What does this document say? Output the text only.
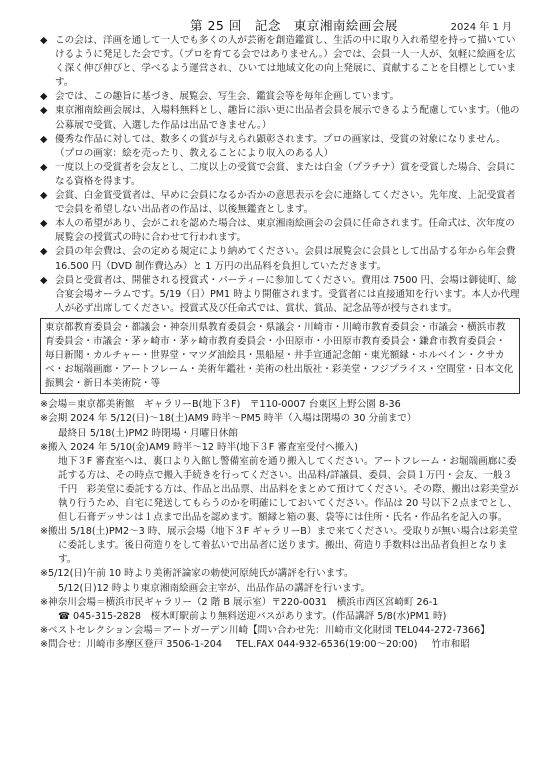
第 25 回　記念　東京湘南絵画会展	2024 年 1 月
◆ この会は、洋画を通して一人でも多くの人が芸術を創造鑑賞し、生活の中に取り入れ希望を持って描いていけるように発足した会です。（プロを育てる会ではありません。）会では、会員一人一人が、気軽に絵画を広く深く伸び伸びと、学べるよう運営され、ひいては地域文化の向上発展に、貢献することを目標としています。
◆ 会では、この趣旨に基づき、展覧会、写生会、鑑賞会等を毎年企画しています。
◆ 東京湘南絵画会展は、入場料無料とし、趣旨に添い更に出品者会員を展示できるよう配慮しています。（他の公募展で受賞、入選した作品は出品できません。）
◆ 優秀な作品に対しては、数多くの賞が与えられ顕彰されます。プロの画家は、受賞の対象になりません。（プロの画家：絵を売ったり、教えることにより収入のある人）
◆ 一度以上の受賞者を会友とし、二度以上の受賞で会賞、または白金（プラチナ）賞を受賞した場合、会員になる資格を得ます。
◆ 会賞、白金賞受賞者は、早めに会員になるか否かの意思表示を会に連絡してください。先年度、上記受賞者で会員を希望しない出品者の作品は、以後無鑑査とします。
◆ 本人の希望があり、会がこれを認めた場合は、東京湘南絵画会の会員に任命されます。任命式は、次年度の展覧会の授賞式の時に合わせて行われます。
◆ 会員の年会費は、会の定める規定により納めてください。会員は展覧会に会員として出品する年から年会費 16.500 円（DVD 制作費込み）と 1 万円の出品料を負担していただきます。
◆ 会員と受賞者は、開催される授賞式・パーティーに参加してください。費用は 7500 円、会場は御徒町、総合宴会場オーラムです。5/19（日）PM1 時より開催されます。受賞者には直接通知を行います。本人か代理人が必ず出席してください。授賞式及び任命式では、賞状、賞品、記念品等が授与されます。
東京都教育委員会・都議会・神奈川県教育委員会・県議会・川崎市・川崎市教育委員会・市議会・横浜市教育委員会・市議会・茅ヶ崎市・茅ヶ崎市教育委員会・小田原市・小田原市教育委員会・鎌倉市教育委員会・毎日新聞・カルチャー・世界堂・マツダ油絵具・黒船屋・井手宣通記念館・東光額縁・ホルベイン・クサカベ・お堀端画廊・アートフレーム・美術年鑑社・美術の杜出版社・彩美堂・フジプライス・空間堂・日本文化振興会・新日本美術院・等
※会場＝東京都美術館　ギャラリーB(地下３F)　〒110-0007 台東区上野公園 8-36
※会期 2024 年 5/12(日)～18(土)AM9 時半～PM5 時半（入場は閉場の 30 分前まで）
最終日 5/18(土)PM2 時閉場・月曜日休館
※搬入 2024 年 5/10(金)AM9 時半～12 時半(地下３F 審査室受付へ搬入)
地下３F 審査室へは、裏口より入館し警備室前を通り搬入してください。アートフレーム・お堀端画廊に委託する方は、その時点で搬入手続きを行ってください。出品料/詳議員、委員、会員１万円・会友、一般３千円　彩美堂に委託する方は、作品と出品票、出品料をまとめて預けてください。その際、搬出は彩美堂が執り行うため、自宅に発送してもらうのかを明確にしておいてください。作品は 20 号以下２点までとし、但し石膏デッサンは１点まで出品を認めます。額縁と箱の裏、袋等には住所・氏名・作品名を記入の事。
※搬出 5/18(土)PM2～3 時、展示会場（地下３F ギャラリーB）まで来てください。受取りが無い場合は彩美堂に委託します。後日荷造りをして着払いで出品者に送ります。搬出、荷造り手数料は出品者負担となります。
※5/12(日)午前 10 時より美術評論家の勅使河原純氏が講評を行います。
5/12(日)12 時より東京湘南絵画会主宰が、出品作品の講評を行います。
※神奈川会場＝横浜市民ギャラリー（2 階 B 展示室）〒220-0031　横浜市西区宮崎町 26-1
☎ 045-315-2828　桜木町駅前より無料送迎バスがあります。(作品講評 5/8(水)PM1 時)
※ベストセレクション会場＝アートガーデン川崎【問い合わせ先：川崎市文化財団 TEL044-272-7366】
※問合せ：川崎市多摩区登戸 3506-1-204 TEL.FAX 044-932-6536(19:00～20:00) 竹市和昭
